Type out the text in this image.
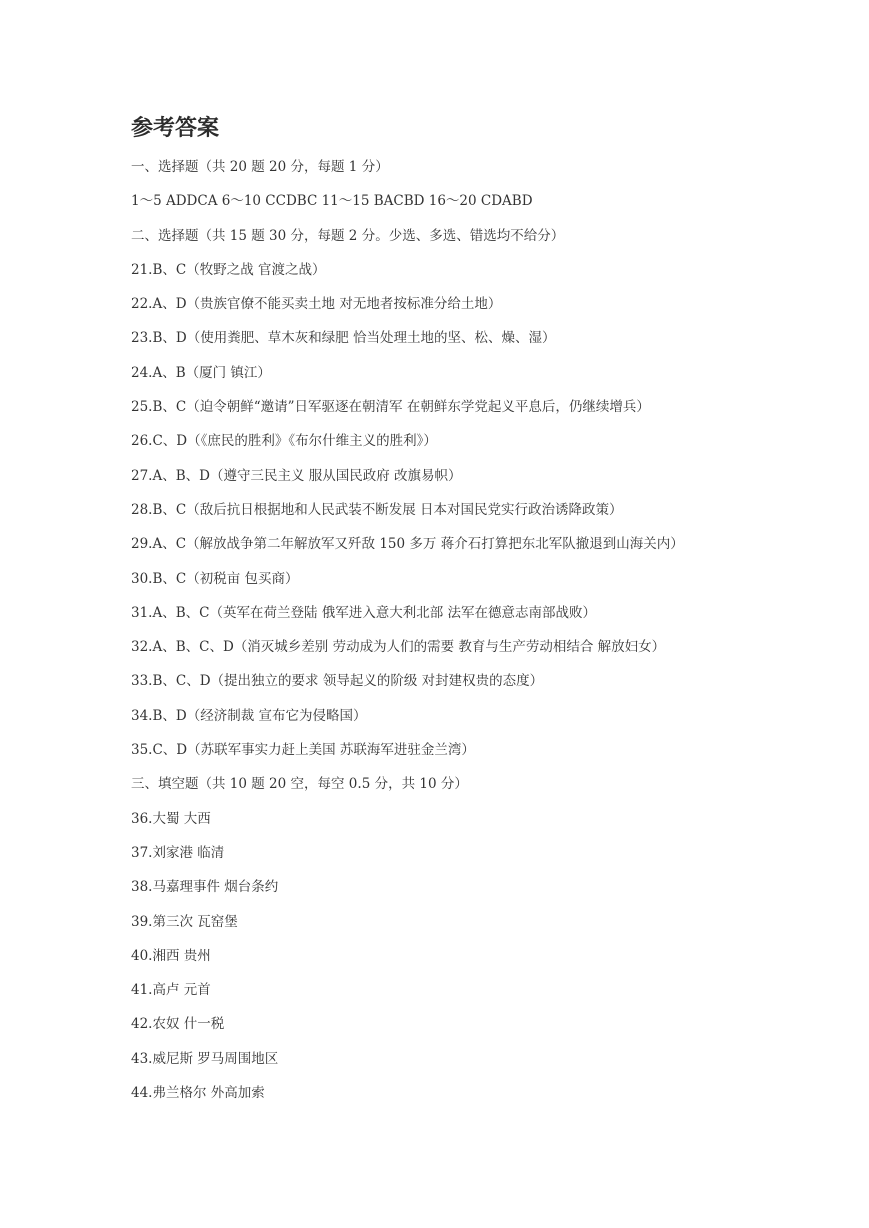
参考答案
一、选择题（共 20 题 20 分，每题 1 分）
1～5 ADDCA 6～10 CCDBC 11～15 BACBD 16～20 CDABD
二、选择题（共 15 题 30 分，每题 2 分。少选、多选、错选均不给分）
21.B、C（牧野之战 官渡之战）
22.A、D（贵族官僚不能买卖土地 对无地者按标准分给土地）
23.B、D（使用粪肥、草木灰和绿肥 恰当处理土地的坚、松、燥、湿）
24.A、B（厦门 镇江）
25.B、C（迫令朝鲜“邀请”日军驱逐在朝清军 在朝鲜东学党起义平息后，仍继续增兵）
26.C、D（《庶民的胜利》《布尔什维主义的胜利》）
27.A、B、D（遵守三民主义 服从国民政府 改旗易帜）
28.B、C（敌后抗日根据地和人民武装不断发展 日本对国民党实行政治诱降政策）
29.A、C（解放战争第二年解放军又歼敌 150 多万 蒋介石打算把东北军队撤退到山海关内）
30.B、C（初税亩 包买商）
31.A、B、C（英军在荷兰登陆 俄军进入意大利北部 法军在德意志南部战败）
32.A、B、C、D（消灭城乡差别 劳动成为人们的需要 教育与生产劳动相结合 解放妇女）
33.B、C、D（提出独立的要求 领导起义的阶级 对封建权贵的态度）
34.B、D（经济制裁 宣布它为侵略国）
35.C、D（苏联军事实力赶上美国 苏联海军进驻金兰湾）
三、填空题（共 10 题 20 空，每空 0.5 分，共 10 分）
36.大蜀 大西
37.刘家港 临清
38.马嘉理事件 烟台条约
39.第三次 瓦窑堡
40.湘西 贵州
41.高卢 元首
42.农奴 什一税
43.威尼斯 罗马周围地区
44.弗兰格尔 外高加索
